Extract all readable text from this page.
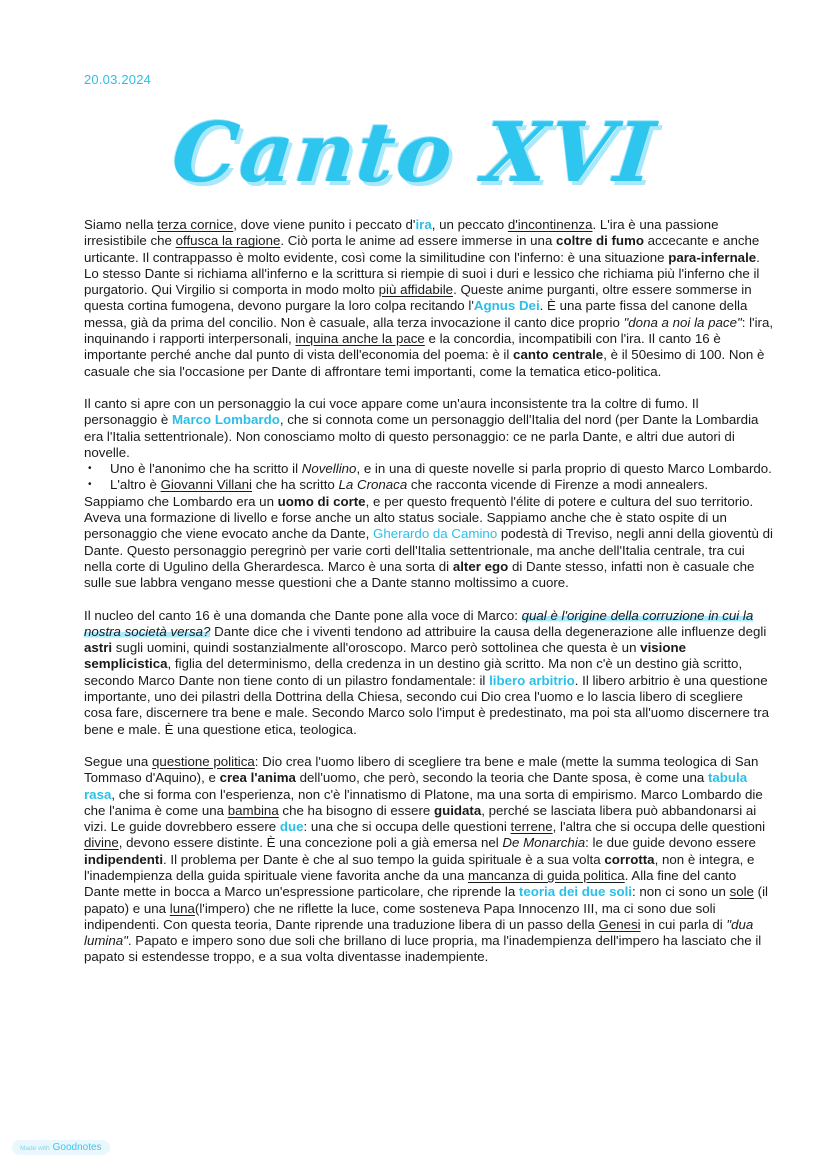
20.03.2024
Canto XVI

Siamo nella terza cornice, dove viene punito i peccato d'ira, un peccato d'incontinenza. L'ira è una passione irresistibile che offusca la ragione. Ciò porta le anime ad essere immerse in una coltre di fumo accecante e anche urticante. Il contrappasso è molto evidente, così come la similitudine con l'inferno: è una situazione para-infernale. Lo stesso Dante si richiama all'inferno e la scrittura si riempie di suoi i duri e lessico che richiama più l'inferno che il purgatorio. Qui Virgilio si comporta in modo molto più affidabile. Queste anime purganti, oltre essere sommerse in questa cortina fumogena, devono purgare la loro colpa recitando l'Agnus Dei. È una parte fissa del canone della messa, già da prima del concilio. Non è casuale, alla terza invocazione il canto dice proprio "dona a noi la pace": l'ira, inquinando i rapporti interpersonali, inquina anche la pace e la concordia, incompatibili con l'ira. Il canto 16 è importante perché anche dal punto di vista dell'economia del poema: è il canto centrale, è il 50esimo di 100. Non è casuale che sia l'occasione per Dante di affrontare temi importanti, come la tematica etico-politica.

Il canto si apre con un personaggio la cui voce appare come un'aura inconsistente tra la coltre di fumo. Il personaggio è Marco Lombardo, che si connota come un personaggio dell'Italia del nord (per Dante la Lombardia era l'Italia settentrionale). Non conosciamo molto di questo personaggio: ce ne parla Dante, e altri due autori di novelle.

• Uno è l'anonimo che ha scritto il Novellino, e in una di queste novelle si parla proprio di questo Marco Lombardo.
• L'altro è Giovanni Villani che ha scritto La Cronaca che racconta vicende di Firenze a modi annealers.

Sappiamo che Lombardo era un uomo di corte, e per questo frequentò l'élite di potere e cultura del suo territorio. Aveva una formazione di livello e forse anche un alto status sociale. Sappiamo anche che è stato ospite di un personaggio che viene evocato anche da Dante, Gherardo da Camino podestà di Treviso, negli anni della gioventù di Dante. Questo personaggio peregrinò per varie corti dell'Italia settentrionale, ma anche dell'Italia centrale, tra cui nella corte di Ugulino della Gherardesca. Marco è una sorta di alter ego di Dante stesso, infatti non è casuale che sulle sue labbra vengano messe questioni che a Dante stanno moltissimo a cuore.

Il nucleo del canto 16 è una domanda che Dante pone alla voce di Marco: qual è l'origine della corruzione in cui la nostra società versa? Dante dice che i viventi tendono ad attribuire la causa della degenerazione alle influenze degli astri sugli uomini, quindi sostanzialmente all'oroscopo. Marco però sottolinea che questa è un visione semplicistica, figlia del determinismo, della credenza in un destino già scritto. Ma non c'è un destino già scritto, secondo Marco Dante non tiene conto di un pilastro fondamentale: il libero arbitrio. Il libero arbitrio è una questione importante, uno dei pilastri della Dottrina della Chiesa, secondo cui Dio crea l'uomo e lo lascia libero di scegliere cosa fare, discernere tra bene e male. Secondo Marco solo l'imput è predestinato, ma poi sta all'uomo discernere tra bene e male. È una questione etica, teologica.

Segue una questione politica: Dio crea l'uomo libero di scegliere tra bene e male (mette la summa teologica di San Tommaso d'Aquino), e crea l'anima dell'uomo, che però, secondo la teoria che Dante sposa, è come una tabula rasa, che si forma con l'esperienza, non c'è l'innatismo di Platone, ma una sorta di empirismo. Marco Lombardo die che l'anima è come una bambina che ha bisogno di essere guidata, perché se lasciata libera può abbandonarsi ai vizi. Le guide dovrebbero essere due: una che si occupa delle questioni terrene, l'altra che si occupa delle questioni divine, devono essere distinte. È una concezione poli a già emersa nel De Monarchia: le due guide devono essere indipendenti. Il problema per Dante è che al suo tempo la guida spirituale è a sua volta corrotta, non è integra, e l'inadempienza della guida spirituale viene favorita anche da una mancanza di guida politica. Alla fine del canto Dante mette in bocca a Marco un'espressione particolare, che riprende la teoria dei due soli: non ci sono un sole (il papato) e una luna(l'impero) che ne riflette la luce, come sosteneva Papa Innocenzo III, ma ci sono due soli indipendenti. Con questa teoria, Dante riprende una traduzione libera di un passo della Genesi in cui parla di "dua lumina". Papato e impero sono due soli che brillano di luce propria, ma l'inadempienza dell'impero ha lasciato che il papato si estendesse troppo, e a sua volta diventasse inadempiente.

Made with Goodnotes
